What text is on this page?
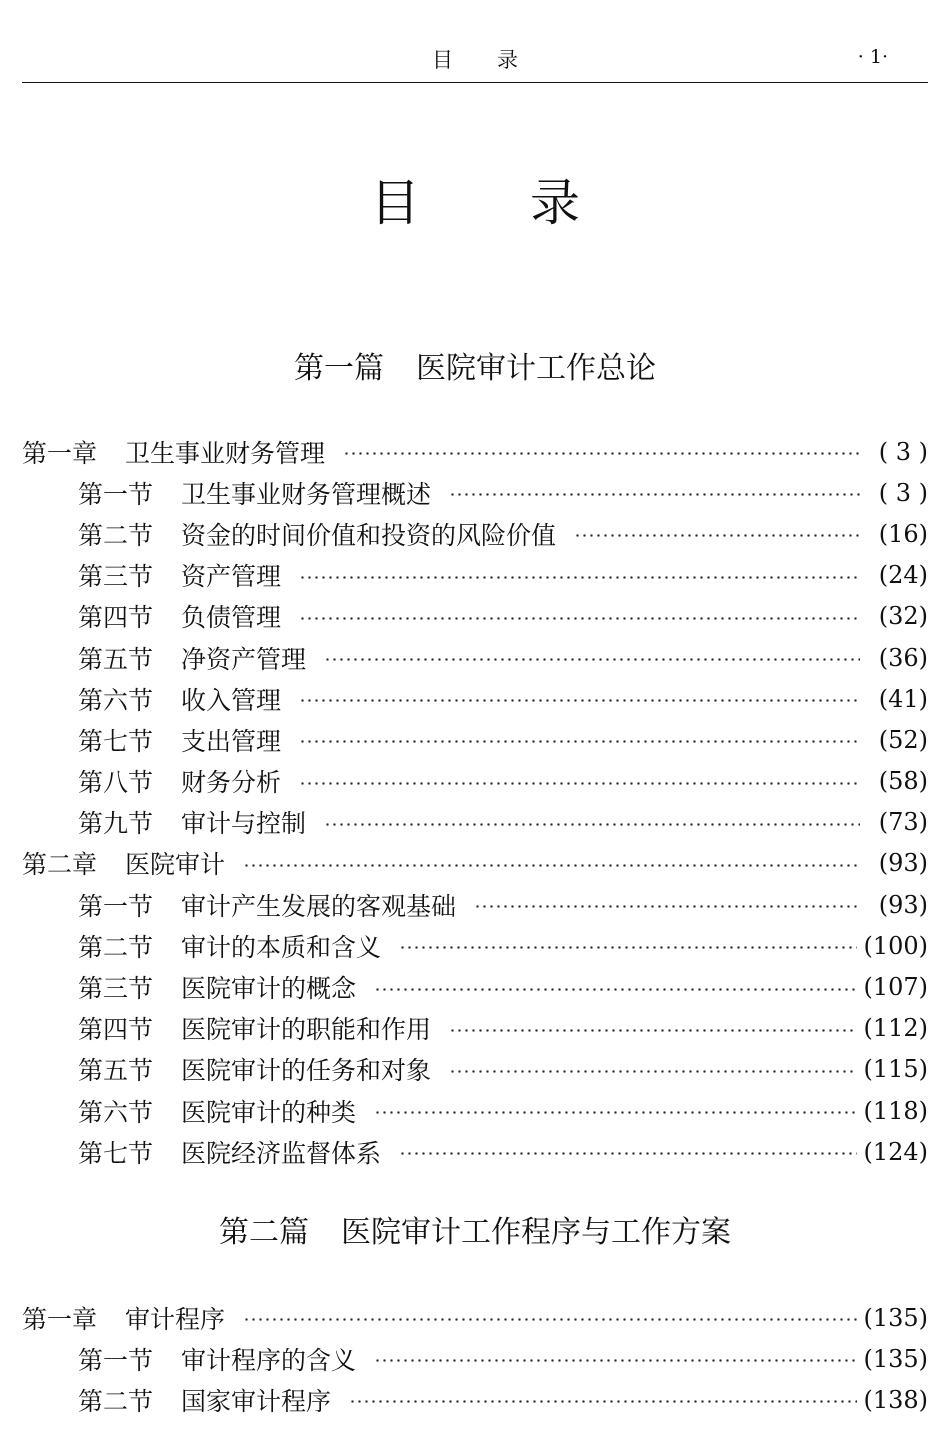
目录	· 1·
目录
第一篇 医院审计工作总论
第一章 卫生事业财务管理	( 3 )
第一节 卫生事业财务管理概述	( 3 )
第二节 资金的时间价值和投资的风险价值	(16)
第三节 资产管理	(24)
第四节 负债管理	(32)
第五节 净资产管理	(36)
第六节 收入管理	(41)
第七节 支出管理	(52)
第八节 财务分析	(58)
第九节 审计与控制	(73)
第二章 医院审计	(93)
第一节 审计产生发展的客观基础	(93)
第二节 审计的本质和含义	(100)
第三节 医院审计的概念	(107)
第四节 医院审计的职能和作用	(112)
第五节 医院审计的任务和对象	(115)
第六节 医院审计的种类	(118)
第七节 医院经济监督体系	(124)
第二篇 医院审计工作程序与工作方案
第一章 审计程序	(135)
第一节 审计程序的含义	(135)
第二节 国家审计程序	(138)
